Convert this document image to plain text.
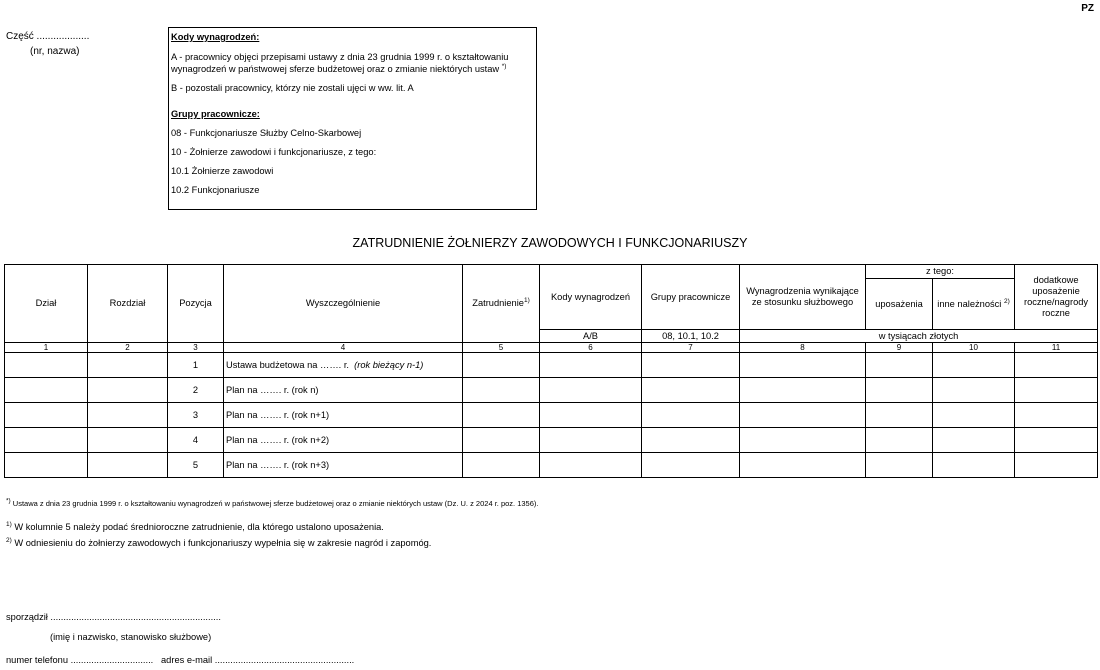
PZ
Część ...................
(nr, nazwa)

Kody wynagrodzeń:

A - pracownicy objęci przepisami ustawy z dnia 23 grudnia 1999 r. o kształtowaniu
wynagrodzeń w państwowej sferze budżetowej oraz o zmianie niektórych ustaw *)

B - pozostali pracownicy, którzy nie zostali ujęci w ww. lit. A

Grupy pracownicze:

08 - Funkcjonariusze Służby Celno-Skarbowej

10 - Żołnierze zawodowi i funkcjonariusze, z tego:

10.1 Żołnierze zawodowi

10.2 Funkcjonariusze

ZATRUDNIENIE ŻOŁNIERZY ZAWODOWYCH I FUNKCJONARIUSZY
Dział	Rozdział	Pozycja	Wyszczególnienie	Zatrudnienie$^{1)}$	Kody wynagrodzeń	Grupy pracownicze	Wynagrodzenia wynikające ze stosunku służbowego	z tego:		dodatkowe uposażenie roczne/nagrody roczne
								uposażenia	inne należności $^{2)}$
					A/B	08, 10.1, 10.2	w tysiącach złotych			
1	2	3	4	5	6	7	8	9	10	11
		1	Ustawa budżetowa na ……. r. (rok bieżący n-1)							
		2	Plan na ……. r. (rok n)							
		3	Plan na ……. r. (rok n+1)							
		4	Plan na ……. r. (rok n+2)							
		5	Plan na ……. r. (rok n+3)							
*) Ustawa z dnia 23 grudnia 1999 r. o kształtowaniu wynagrodzeń w państwowej sferze budżetowej oraz o zmianie niektórych ustaw (Dz. U. z 2024 r. poz. 1356).
$^{1)}$ W kolumnie 5 należy podać średnioroczne zatrudnienie, dla którego ustalono uposażenia.
$^{2)}$ W odniesieniu do żołnierzy zawodowych i funkcjonariuszy wypełnia się w zakresie nagród i zapomóg.
sporządził ..................................................................
(imię i nazwisko, stanowisko służbowe)
numer telefonu ................................ adres e-mail ......................................................
